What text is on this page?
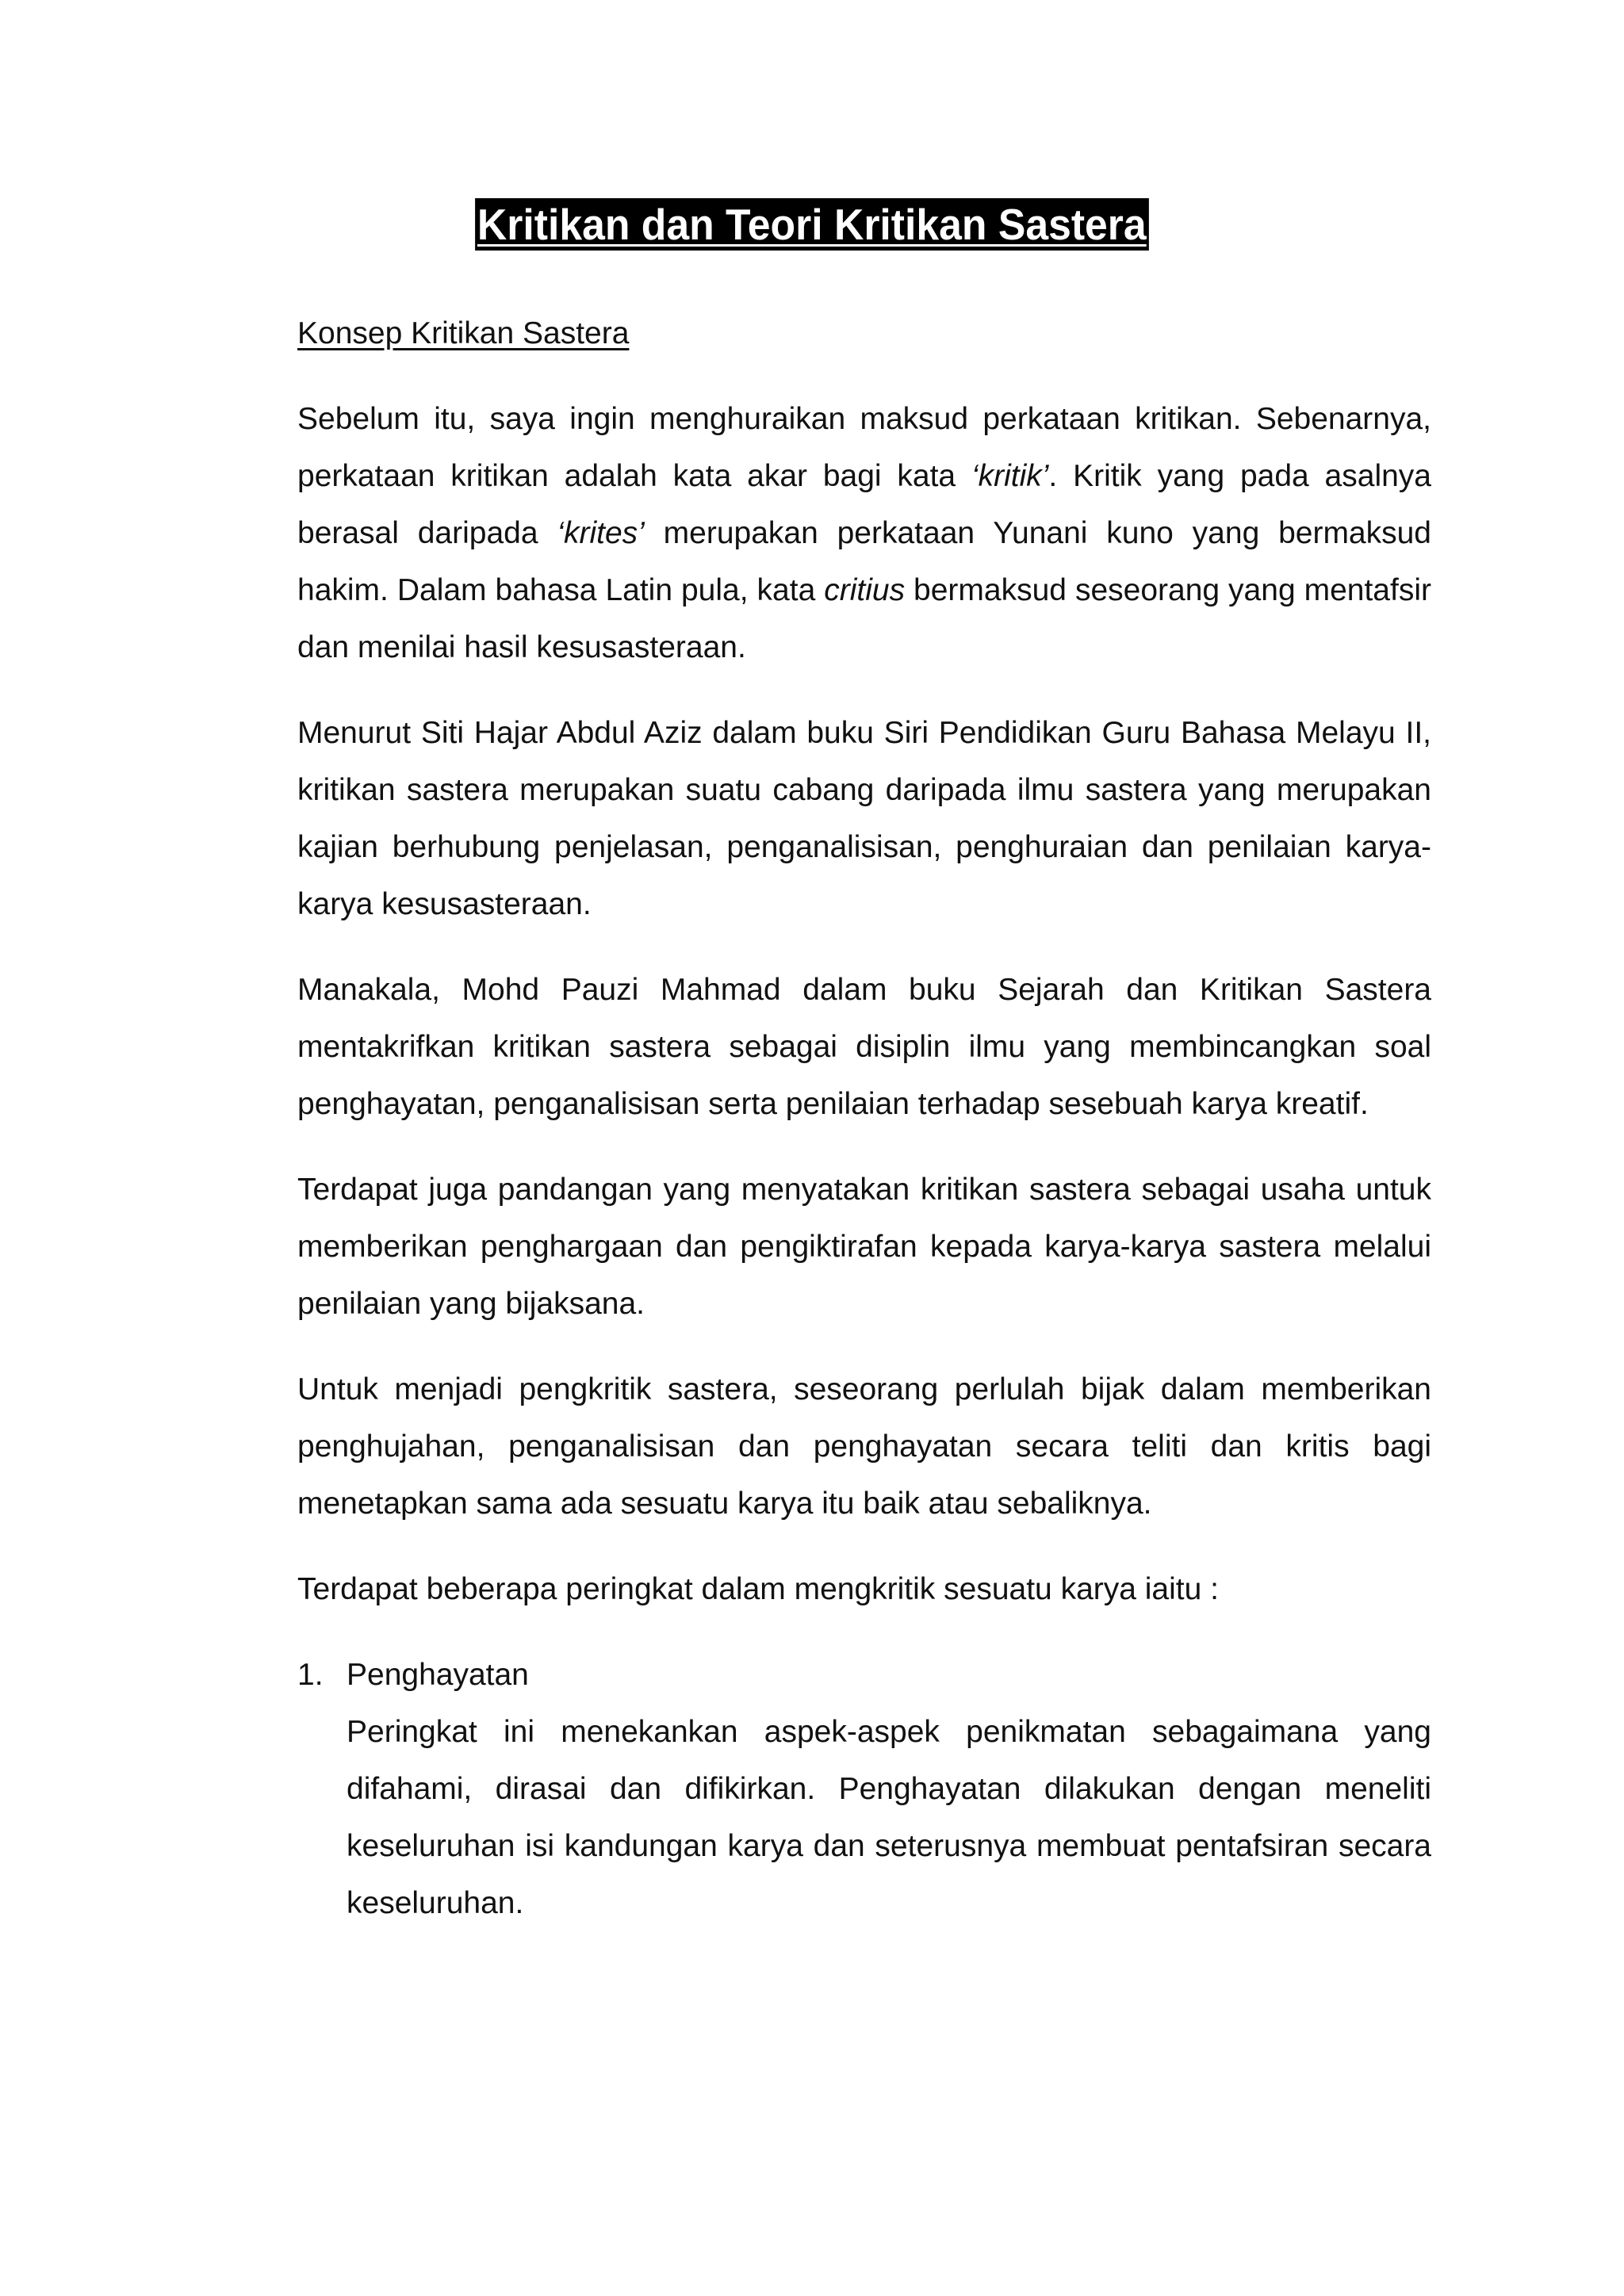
Kritikan dan Teori Kritikan Sastera
Konsep Kritikan Sastera

Sebelum itu, saya ingin menghuraikan maksud perkataan kritikan. Sebenarnya, perkataan kritikan adalah kata akar bagi kata ‘kritik’. Kritik yang pada asalnya berasal daripada ‘krites’ merupakan perkataan Yunani kuno yang bermaksud hakim. Dalam bahasa Latin pula, kata critius bermaksud seseorang yang mentafsir dan menilai hasil kesusasteraan.

Menurut Siti Hajar Abdul Aziz dalam buku Siri Pendidikan Guru Bahasa Melayu II, kritikan sastera merupakan suatu cabang daripada ilmu sastera yang merupakan kajian berhubung penjelasan, penganalisisan, penghuraian dan penilaian karya-karya kesusasteraan.

Manakala, Mohd Pauzi Mahmad dalam buku Sejarah dan Kritikan Sastera mentakrifkan kritikan sastera sebagai disiplin ilmu yang membincangkan soal penghayatan, penganalisisan serta penilaian terhadap sesebuah karya kreatif.

Terdapat juga pandangan yang menyatakan kritikan sastera sebagai usaha untuk memberikan penghargaan dan pengiktirafan kepada karya-karya sastera melalui penilaian yang bijaksana.

Untuk menjadi pengkritik sastera, seseorang perlulah bijak dalam memberikan penghujahan, penganalisisan dan penghayatan secara teliti dan kritis bagi menetapkan sama ada sesuatu karya itu baik atau sebaliknya.

Terdapat beberapa peringkat dalam mengkritik sesuatu karya iaitu :

1. Penghayatan
Peringkat ini menekankan aspek-aspek penikmatan sebagaimana yang difahami, dirasai dan difikirkan. Penghayatan dilakukan dengan meneliti keseluruhan isi kandungan karya dan seterusnya membuat pentafsiran secara keseluruhan.
